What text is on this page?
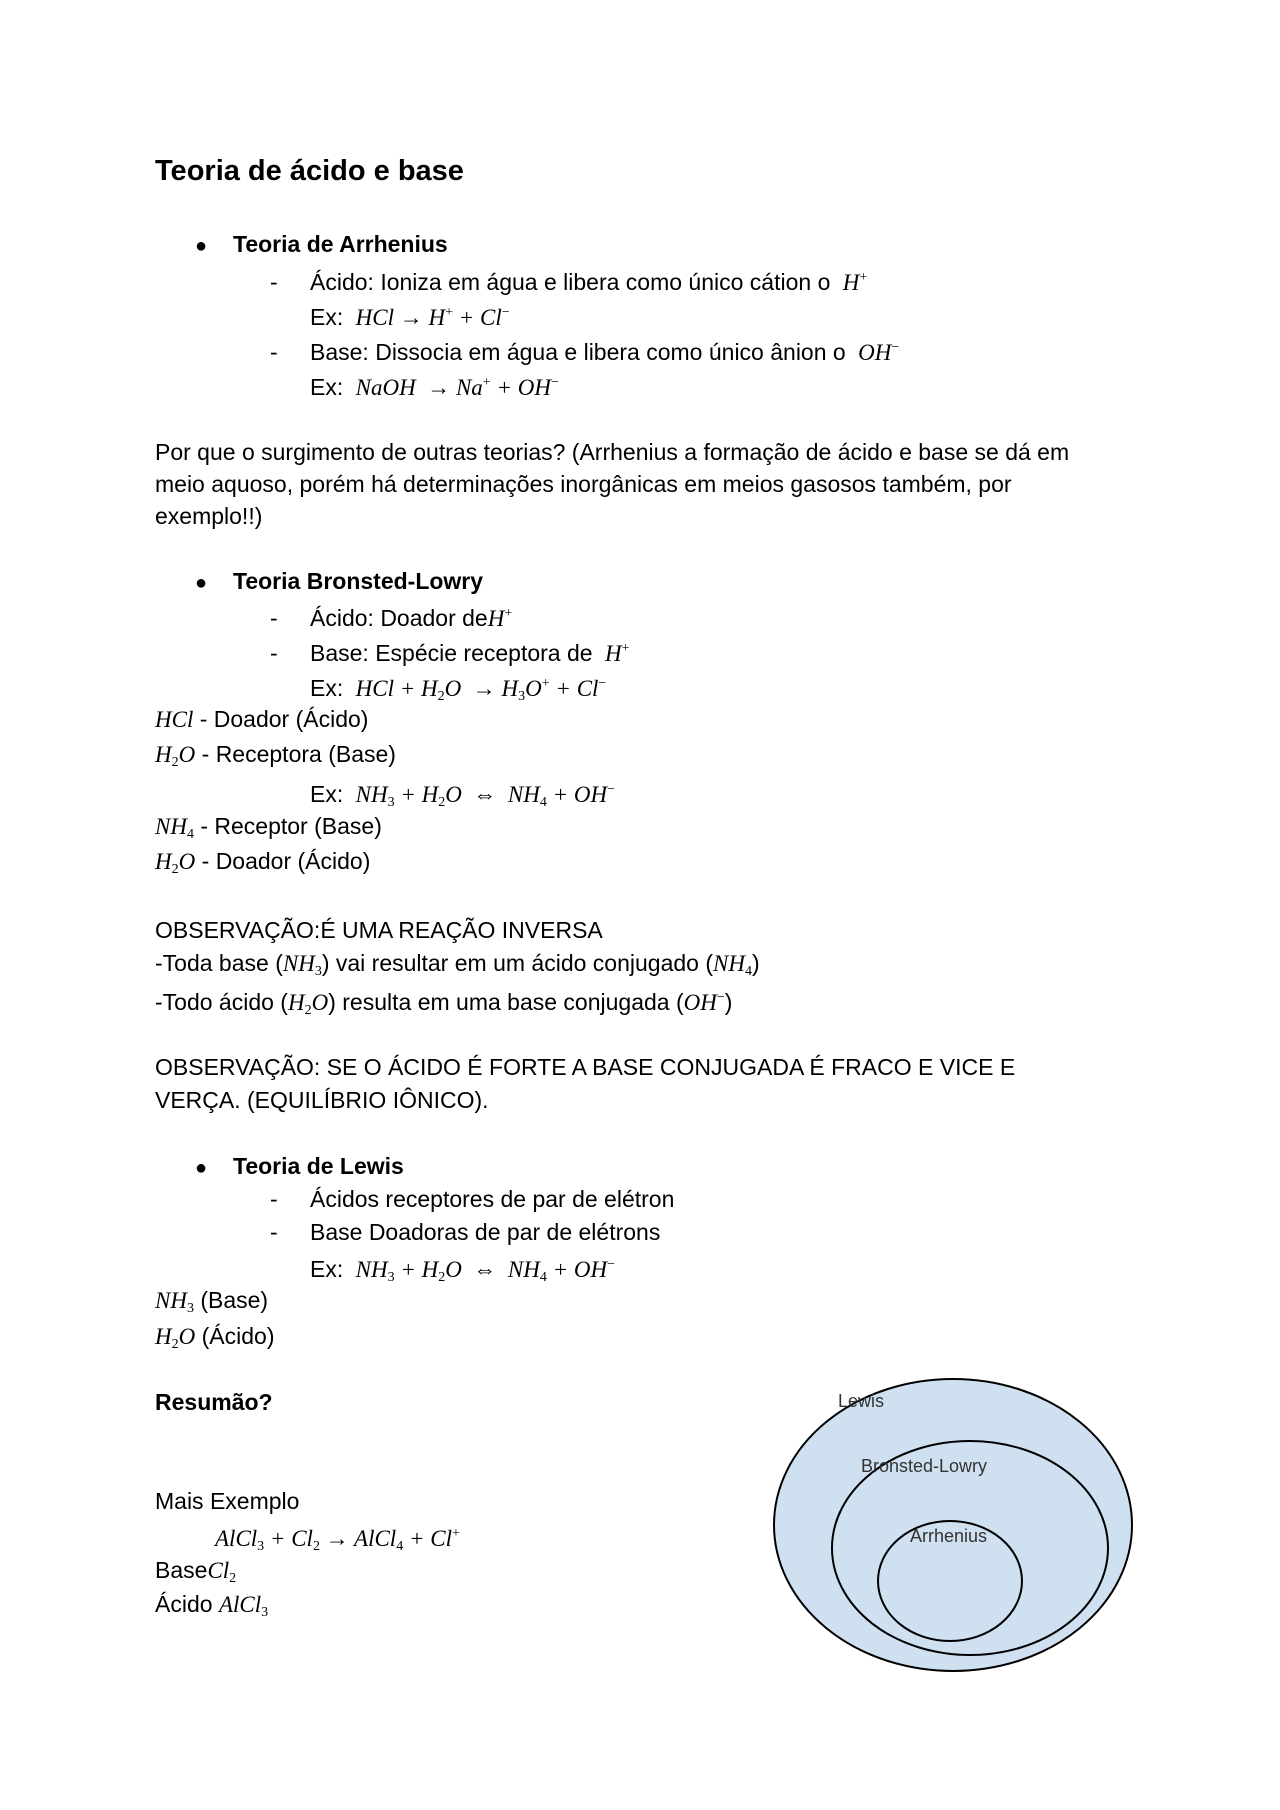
Teoria de ácido e base
● Teoria de Arrhenius
- Ácido: Ioniza em água e libera como único cátion o H+
Ex: HCl → H+ + Cl−
- Base: Dissocia em água e libera como único ânion o OH−
Ex: NaOH → Na+ + OH−
Por que o surgimento de outras teorias? (Arrhenius a formação de ácido e base se dá em
meio aquoso, porém há determinações inorgânicas em meios gasosos também, por
exemplo!!)
● Teoria Bronsted-Lowry
- Ácido: Doador deH+
- Base: Espécie receptora de H+
Ex: HCl + $H_2O \to H_3O^+ + Cl^-$
HCl - Doador (Ácido)
$H_2O$ - Receptora (Base)
Ex: $NH_3 + H_2O$ ⇔ $NH_4 + OH^-$
$NH_4$ - Receptor (Base)
$H_2O$ - Doador (Ácido)
OBSERVAÇÃO:É UMA REAÇÃO INVERSA
-Toda base $(NH_3)$ vai resultar em um ácido conjugado $(NH_4)$
-Todo ácido $(H_2O)$ resulta em uma base conjugada (OH−)
OBSERVAÇÃO: SE O ÁCIDO É FORTE A BASE CONJUGADA É FRACO E VICE E
VERÇA. (EQUILÍBRIO IÔNICO).
● Teoria de Lewis
- Ácidos receptores de par de elétron
- Base Doadoras de par de elétrons
Ex: $NH_3 + H_2O$ ⇔ $NH_4 + OH^-$
$NH_3$ (Base)
$H_2O$ (Ácido)
Resumão?
Mais Exemplo
AlCl$_3$ + $Cl_2$ → AlCl$_4$ + Cl+
BaseCl$_2$
Ácido AlCl$_3$
Lewis
Bronsted-Lowry
Arrhenius
